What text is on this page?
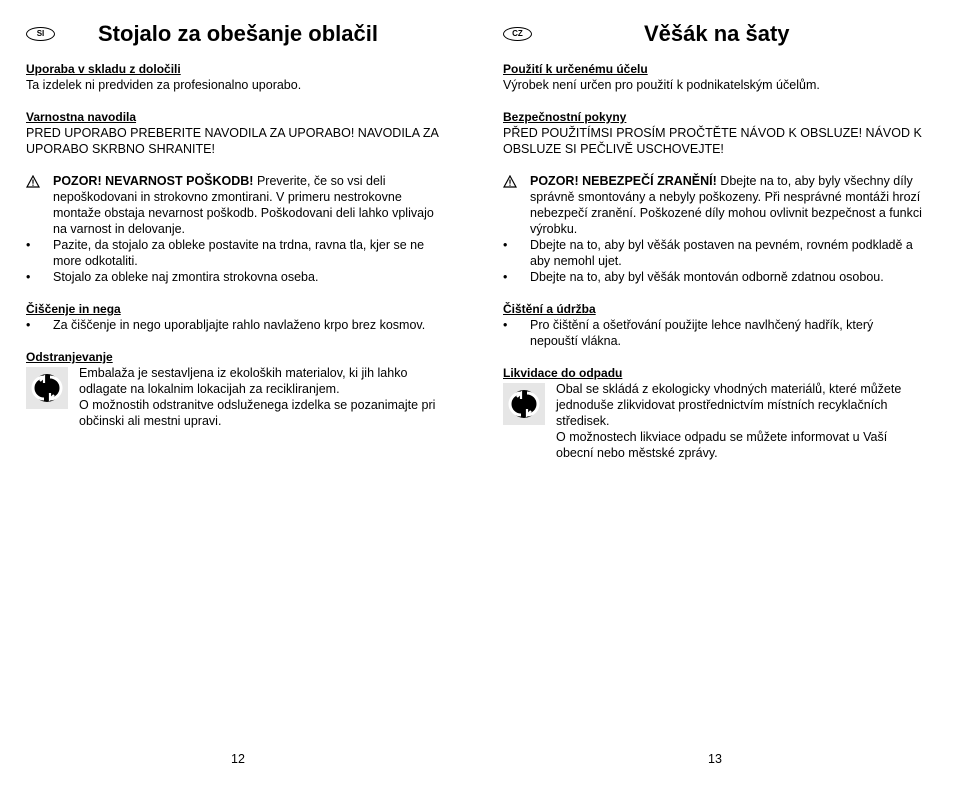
SI	Stojalo za obešanje oblačil
Uporaba v skladu z določili

Ta izdelek ni predviden za profesionalno uporabo.

Varnostna navodila

PRED UPORABO PREBERITE NAVODILA ZA UPORABO! NAVODILA ZA UPORABO SKRBNO SHRANITE!

POZOR! NEVARNOST POŠKODB! Preverite, če so vsi deli nepoškodovani in strokovno zmontirani. V primeru nestrokovne montaže obstaja nevarnost poškodb. Poškodovani deli lahko vplivajo na varnost in delovanje.
•	Pazite, da stojalo za obleke postavite na trdna, ravna tla, kjer se ne more odkotaliti.
•	Stojalo za obleke naj zmontira strokovna oseba.
Čiščenje in nega
•	Za čiščenje in nego uporabljajte rahlo navlaženo krpo brez kosmov.
Odstranjevanje

Embalaža je sestavljena iz ekoloških materialov, ki jih lahko odlagate na lokalnim lokacijah za recikliranjem.

O možnostih odstranitve odsluženega izdelka se pozanimajte pri občinski ali mestni upravi.

12
CZ	Věšák na šaty
Použití k určenému účelu

Výrobek není určen pro použití k podnikatelským účelům.

Bezpečnostní pokyny

PŘED POUŽITÍMSI PROSÍM PROČTĚTE NÁVOD K OBSLUZE! NÁVOD K OBSLUZE SI PEČLIVĚ USCHOVEJTE!

POZOR! NEBEZPEČÍ ZRANĚNÍ! Dbejte na to, aby byly všechny díly správně smontovány a nebyly poškozeny. Při nesprávné montáži hrozí nebezpečí zranění. Poškozené díly mohou ovlivnit bezpečnost a funkci výrobku.
•	Dbejte na to, aby byl věšák postaven na pevném, rovném podkladě a aby nemohl ujet.
•	Dbejte na to, aby byl věšák montován odborně zdatnou osobou.
Čištění a údržba
•	Pro čištění a ošetřování použijte lehce navlhčený hadřík, který nepouští vlákna.
Likvidace do odpadu

Obal se skládá z ekologicky vhodných materiálů, které můžete jednoduše zlikvidovat prostřednictvím místních recyklačních středisek.

O možnostech likviace odpadu se můžete informovat u Vaší obecní nebo městské zprávy.

13
